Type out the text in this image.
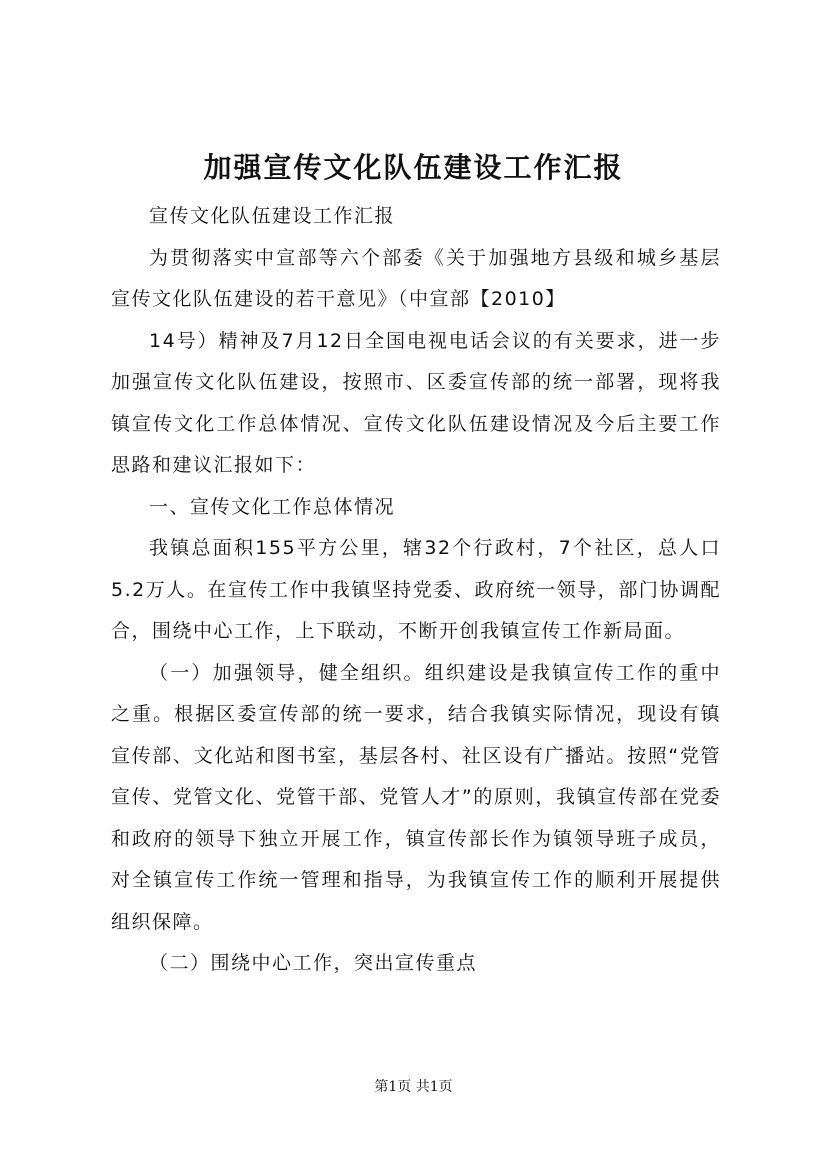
加强宣传文化队伍建设工作汇报

宣传文化队伍建设工作汇报

为贯彻落实中宣部等六个部委《关于加强地方县级和城乡基层宣传文化队伍建设的若干意见》（中宣部【2010】

14号）精神及7月12日全国电视电话会议的有关要求，进一步加强宣传文化队伍建设，按照市、区委宣传部的统一部署，现将我镇宣传文化工作总体情况、宣传文化队伍建设情况及今后主要工作思路和建议汇报如下：

一、宣传文化工作总体情况

我镇总面积155平方公里，辖32个行政村，7个社区，总人口5.2万人。在宣传工作中我镇坚持党委、政府统一领导，部门协调配合，围绕中心工作，上下联动，不断开创我镇宣传工作新局面。

（一）加强领导，健全组织。组织建设是我镇宣传工作的重中之重。根据区委宣传部的统一要求，结合我镇实际情况，现设有镇宣传部、文化站和图书室，基层各村、社区设有广播站。按照“党管宣传、党管文化、党管干部、党管人才”的原则，我镇宣传部在党委和政府的领导下独立开展工作，镇宣传部长作为镇领导班子成员，对全镇宣传工作统一管理和指导，为我镇宣传工作的顺利开展提供组织保障。

（二）围绕中心工作，突出宣传重点

第1页 共1页
